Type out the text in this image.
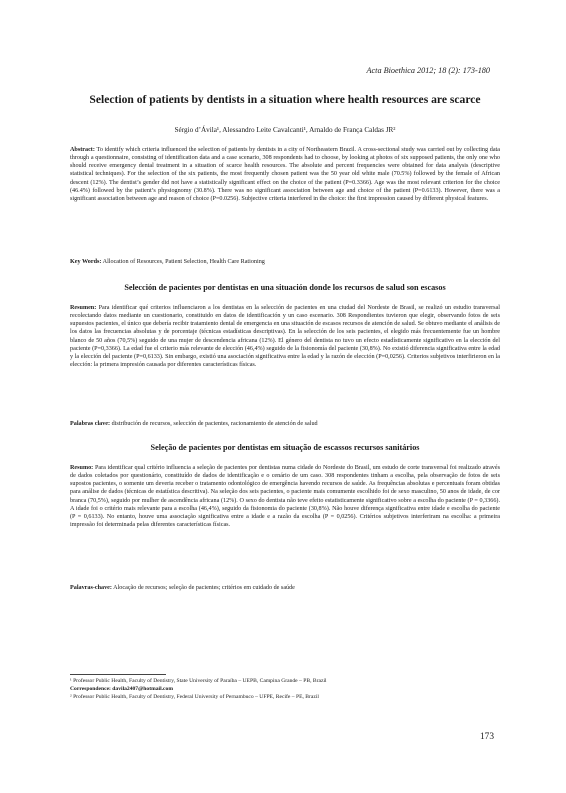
Acta Bioethica 2012; 18 (2): 173-180
Selection of patients by dentists in a situation where health resources are scarce
Sérgio d’Ávila¹, Alessandro Leite Cavalcanti¹, Arnaldo de França Caldas JR²
Abstract: To identify which criteria influenced the selection of patients by dentists in a city of Northeastern Brazil. A cross-sectional study was carried out by collecting data through a questionnaire, consisting of identification data and a case scenario, 308 respondents had to choose, by looking at photos of six supposed patients, the only one who should receive emergency dental treatment in a situation of scarce health resources. The absolute and percent frequencies were obtained for data analysis (descriptive statistical techniques). For the selection of the six patients, the most frequently chosen patient was the 50 year old white male (70.5%) followed by the female of African descent (12%). The dentist’s gender did not have a statistically significant effect on the choice of the patient (P=0.3366). Age was the most relevant criterion for the choice (46.4%) followed by the patient’s physiognomy (30.8%). There was no significant association between age and choice of the patient (P=0.6133). However, there was a significant association between age and reason of choice (P=0.0256). Subjective criteria interfered in the choice: the first impression caused by different physical features.
Key Words: Allocation of Resources, Patient Selection, Health Care Rationing
Selección de pacientes por dentistas en una situación donde los recursos de salud son escasos
Resumen: Para identificar qué criterios influenciaron a los dentistas en la selección de pacientes en una ciudad del Nordeste de Brasil, se realizó un estudio transversal recolectando datos mediante un cuestionario, constituido en datos de identificación y un caso escenario. 308 Respondientes tuvieron que elegir, observando fotos de seis supuestos pacientes, el único que debería recibir tratamiento dental de emergencia en una situación de escasos recursos de atención de salud. Se obtuvo mediante el análisis de los datos las frecuencias absolutas y de porcentaje (técnicas estadísticas descriptivas). En la selección de los seis pacientes, el elegido más frecuentemente fue un hombre blanco de 50 años (70,5%) seguido de una mujer de descendencia africana (12%). El género del dentista no tuvo un efecto estadísticamente significativo en la elección del paciente (P=0,3366). La edad fue el criterio más relevante de elección (46,4%) seguido de la fisionomía del paciente (30,8%). No existió diferencia significativa entre la edad y la elección del paciente (P=0,6133). Sin embargo, existió una asociación significativa entre la edad y la razón de elección (P=0,0256). Criterios subjetivos interfirieron en la elección: la primera impresión causada por diferentes características físicas.
Palabras clave: distribución de recursos, selección de pacientes, racionamiento de atención de salud
Seleção de pacientes por dentistas em situação de escassos recursos sanitários
Resumo: Para identificar qual critério influencia a seleção de pacientes por dentistas numa cidade do Nordeste do Brasil, um estudo de corte transversal foi realizado através de dados coletados por questionário, constituído de dados de identificação e o cenário de um caso. 308 respondentes tinham a escolha, pela observação de fotos de seis supostos pacientes, o somente um deveria receber o tratamento odontológico de emergência havendo recursos de saúde. As frequências absolutas e percentuais foram obtidas para análise de dados (técnicas de estatística descritiva). Na seleção dos seis pacientes, o paciente mais comumente escolhido foi de sexo masculino, 50 anos de idade, de cor branca (70,5%), seguido por mulher de ascendência africana (12%). O sexo do dentista não teve efeito estatisticamente significativo sobre a escolha do paciente (P = 0,3366). A idade foi o critério mais relevante para a escolha (46,4%), seguido da fisionomia do paciente (30,8%). Não houve diferença significativa entre idade e escolha do paciente (P = 0,6133). No entanto, houve uma associação significativa entre a idade e a razão da escolha (P = 0,0256). Critérios subjetivos interferiram na escolha: a primeira impressão foi determinada pelas diferentes características físicas.
Palavras-chave: Alocação de recursos; seleção de pacientes; critérios em cuidado de saúde
¹ Professor Public Health, Faculty of Dentistry, State University of Paraíba – UEPB, Campina Grande – PB, Brazil
Correspondence: davila2407@hotmail.com
² Professor Public Health, Faculty of Dentistry, Federal University of Pernambuco – UFPE, Recife – PE, Brazil
173
